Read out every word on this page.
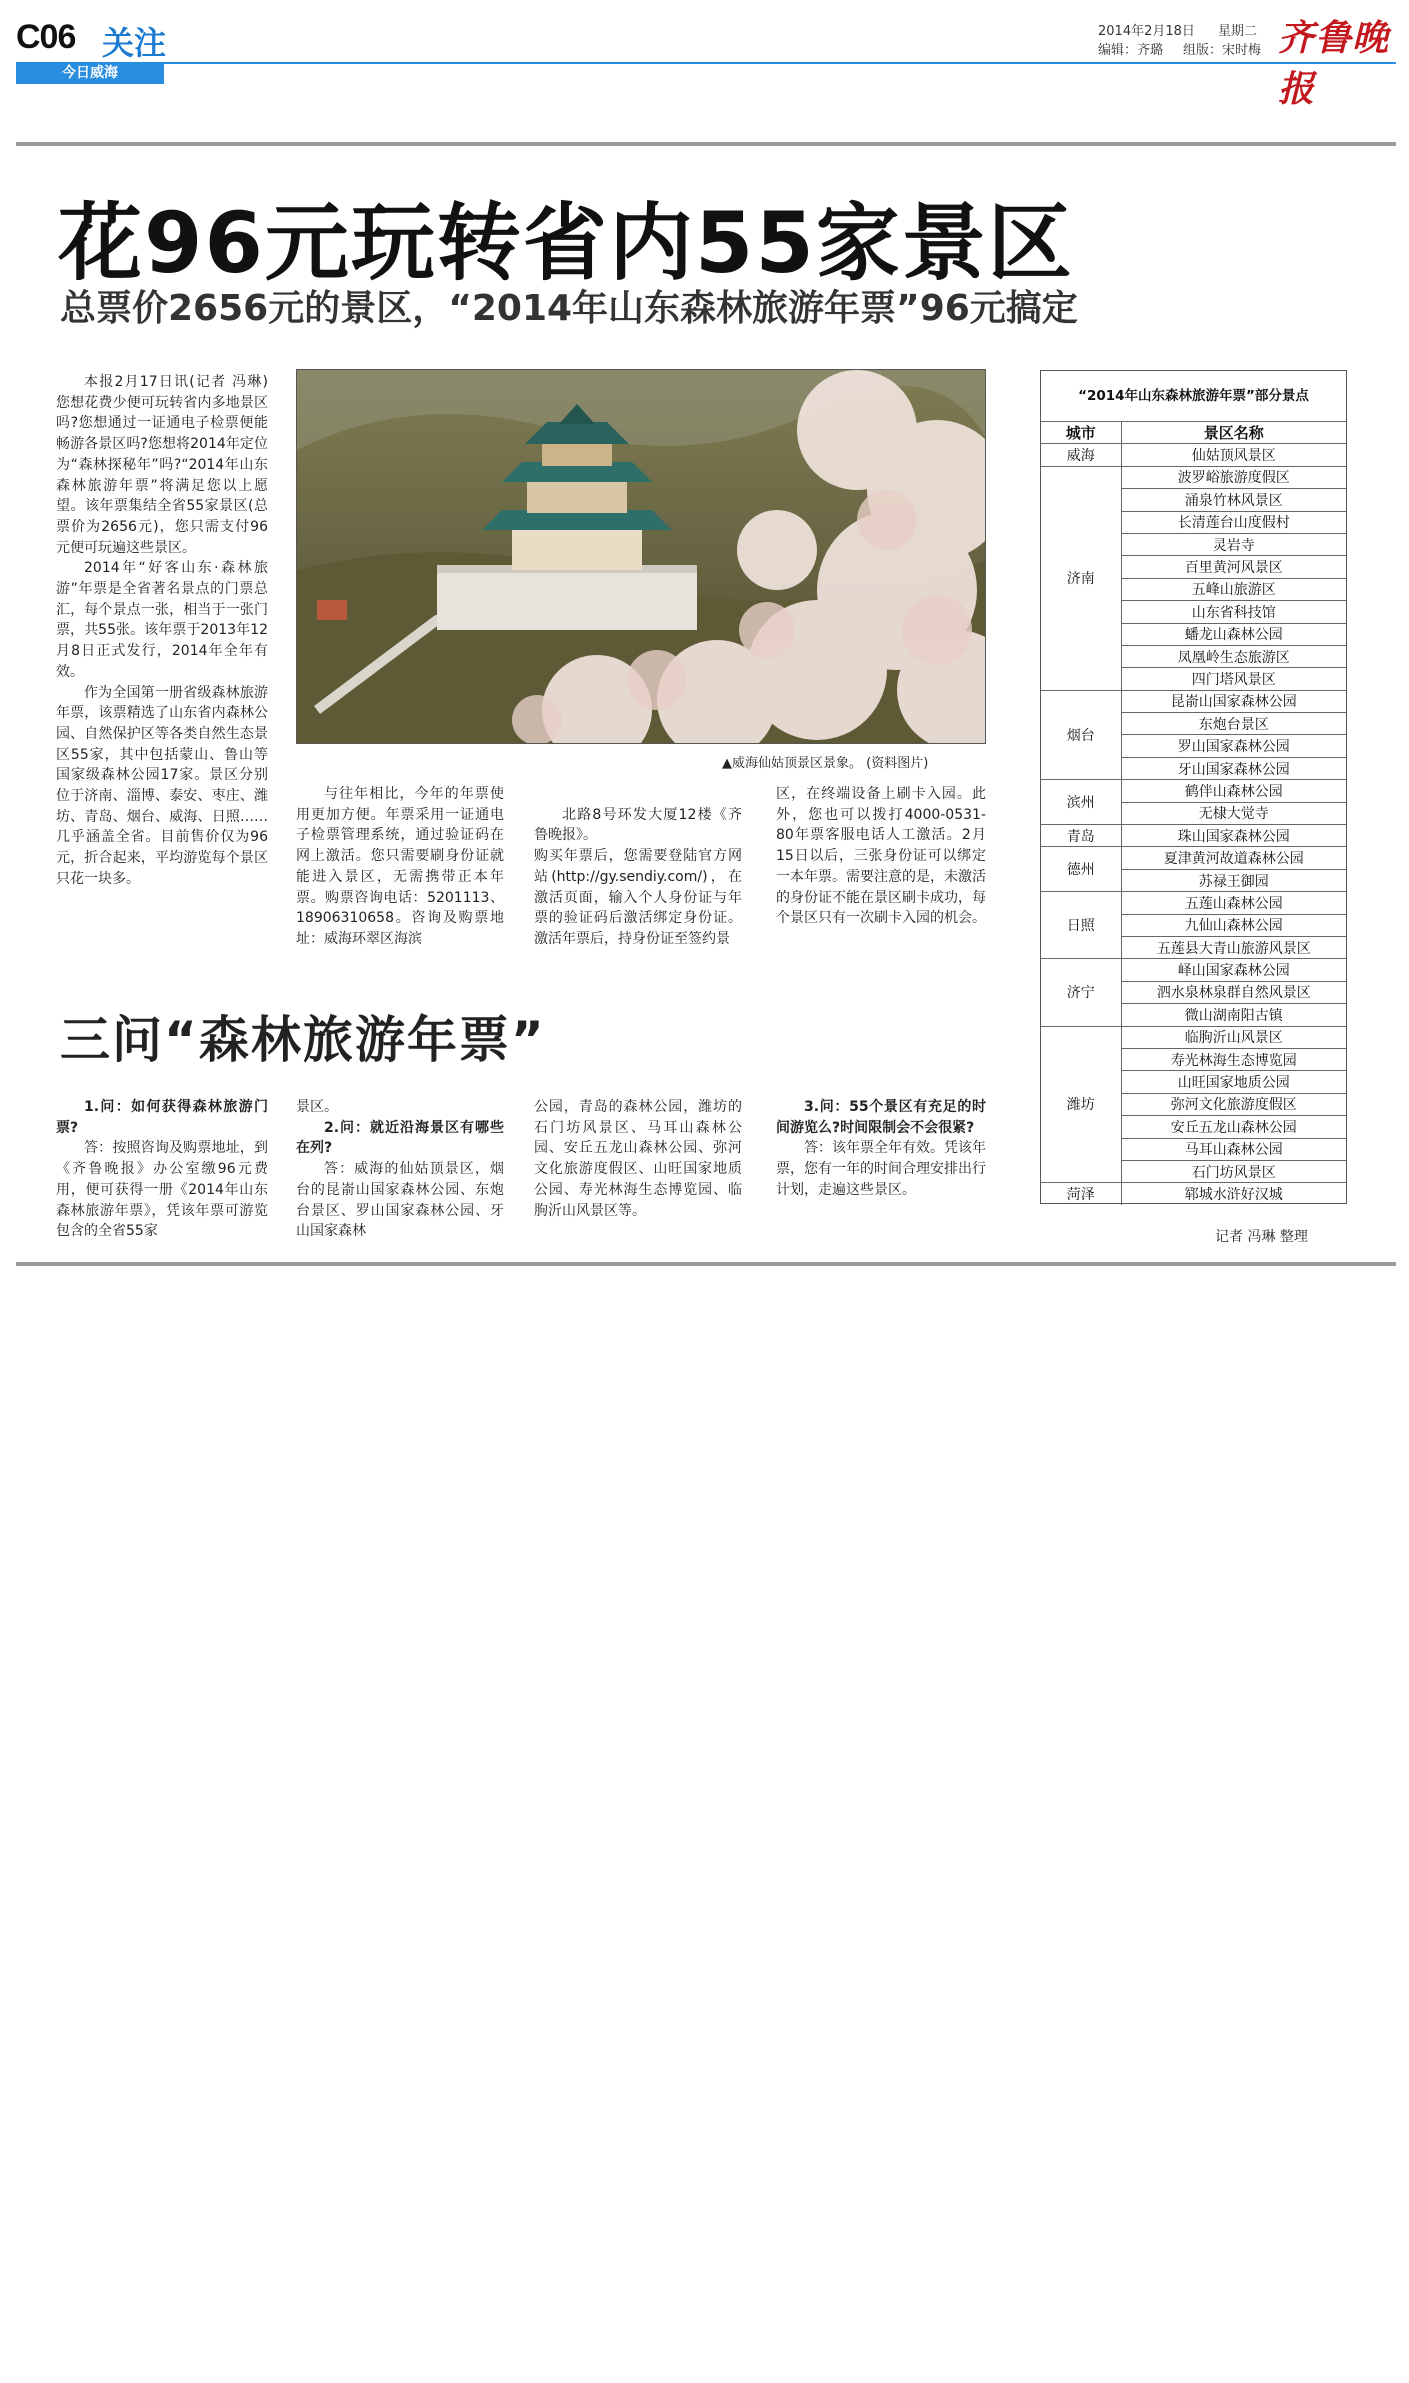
C06 关注
今日威海
2014年2月18日 星期二
编辑：齐璐 组版：宋时梅 齐鲁晚报
花96元玩转省内55家景区
总票价2656元的景区，“2014年山东森林旅游年票”96元搞定

本报2月17日讯(记者 冯琳) 您想花费少便可玩转省内多地景区吗?您想通过一证通电子检票便能畅游各景区吗?您想将2014年定位为“森林探秘年”吗?“2014年山东森林旅游年票”将满足您以上愿望。该年票集结全省55家景区(总票价为2656元)，您只需支付96元便可玩遍这些景区。

2014年“好客山东·森林旅游”年票是全省著名景点的门票总汇，每个景点一张，相当于一张门票，共55张。该年票于2013年12月8日正式发行，2014年全年有效。

作为全国第一册省级森林旅游年票，该票精选了山东省内森林公园、自然保护区等各类自然生态景区55家，其中包括蒙山、鲁山等国家级森林公园17家。景区分别位于济南、淄博、泰安、枣庄、潍坊、青岛、烟台、威海、日照……几乎涵盖全省。目前售价仅为96元，折合起来，平均游览每个景区只花一块多。

▲威海仙姑顶景区景象。 (资料图片)

与往年相比，今年的年票使用更加方便。年票采用一证通电子检票管理系统，通过验证码在网上激活。您只需要刷身份证就能进入景区，无需携带正本年票。购票咨询电话：5201113、18906310658。咨询及购票地址：威海环翠区海滨

北路8号环发大厦12楼《齐鲁晚报》。
购买年票后，您需要登陆官方网站(http://gy.sendiy.com/)，在激活页面，输入个人身份证与年票的验证码后激活绑定身份证。激活年票后，持身份证至签约景

区，在终端设备上刷卡入园。此外，您也可以拨打4000-0531-80年票客服电话人工激活。2月15日以后，三张身份证可以绑定一本年票。需要注意的是，未激活的身份证不能在景区刷卡成功，每个景区只有一次刷卡入园的机会。

三问“森林旅游年票”

1.问：如何获得森林旅游门票?

答：按照咨询及购票地址，到《齐鲁晚报》办公室缴96元费用，便可获得一册《2014年山东森林旅游年票》，凭该年票可游览包含的全省55家

景区。

2.问：就近沿海景区有哪些在列?

答：威海的仙姑顶景区，烟台的昆嵛山国家森林公园、东炮台景区、罗山国家森林公园、牙山国家森林

公园，青岛的森林公园，潍坊的石门坊风景区、马耳山森林公园、安丘五龙山森林公园、弥河文化旅游度假区、山旺国家地质公园、寿光林海生态博览园、临朐沂山风景区等。

3.问：55个景区有充足的时间游览么?时间限制会不会很紧?

答：该年票全年有效。凭该年票，您有一年的时间合理安排出行计划，走遍这些景区。

“2014年山东森林旅游年票”部分景点
城市	景区名称
威海	仙姑顶风景区
济南	波罗峪旅游度假区
	涌泉竹林风景区
	长清莲台山度假村
	灵岩寺
	百里黄河风景区
	五峰山旅游区
	山东省科技馆
	蟠龙山森林公园
	凤凰岭生态旅游区
	四门塔风景区
烟台	昆嵛山国家森林公园
	东炮台景区
	罗山国家森林公园
	牙山国家森林公园
滨州	鹤伴山森林公园
	无棣大觉寺
青岛	珠山国家森林公园
德州	夏津黄河故道森林公园
	苏禄王御园
日照	五莲山森林公园
	九仙山森林公园
	五莲县大青山旅游风景区
济宁	峄山国家森林公园
	泗水泉林泉群自然风景区
	微山湖南阳古镇
潍坊	临朐沂山风景区
	寿光林海生态博览园
	山旺国家地质公园
	弥河文化旅游度假区
	安丘五龙山森林公园
	马耳山森林公园
	石门坊风景区
菏泽	郓城水浒好汉城
记者 冯琳 整理
